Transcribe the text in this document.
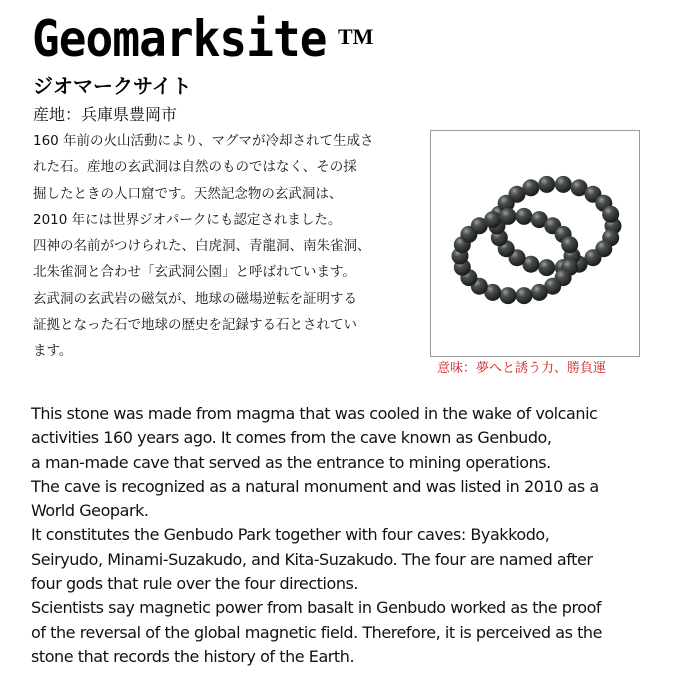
Geomarksite TM
ジオマークサイト
産地：兵庫県豊岡市
160 年前の火山活動により、マグマが冷却されて生成さ
れた石。産地の玄武洞は自然のものではなく、その採
掘したときの人口窟です。天然記念物の玄武洞は、
2010 年には世界ジオパークにも認定されました。
四神の名前がつけられた、白虎洞、青龍洞、南朱雀洞、
北朱雀洞と合わせ「玄武洞公園」と呼ばれています。
玄武洞の玄武岩の磁気が、地球の磁場逆転を証明する
証拠となった石で地球の歴史を記録する石とされてい
ます。
意味：夢へと誘う力、勝負運
This stone was made from magma that was cooled in the wake of volcanic
activities 160 years ago. It comes from the cave known as Genbudo,
a man-made cave that served as the entrance to mining operations.
The cave is recognized as a natural monument and was listed in 2010 as a
World Geopark.
It constitutes the Genbudo Park together with four caves: Byakkodo,
Seiryudo, Minami-Suzakudo, and Kita-Suzakudo. The four are named after
four gods that rule over the four directions.
Scientists say magnetic power from basalt in Genbudo worked as the proof
of the reversal of the global magnetic field. Therefore, it is perceived as the
stone that records the history of the Earth.
